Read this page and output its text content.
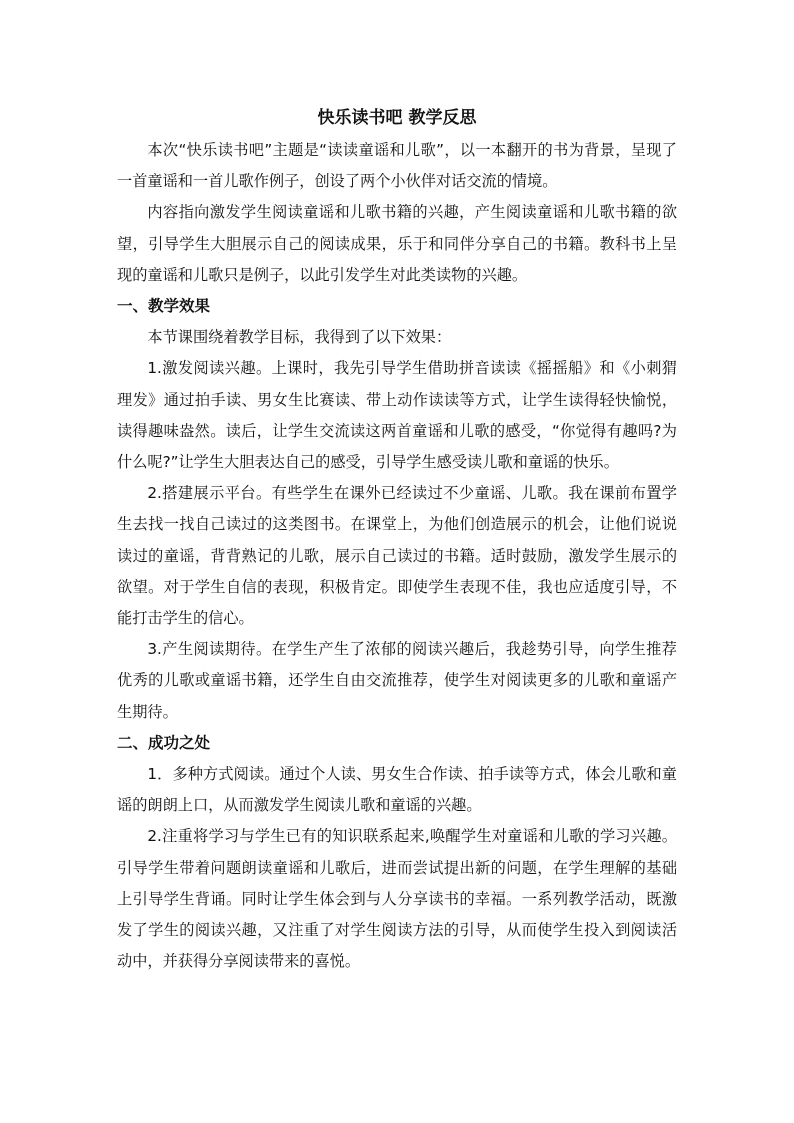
快乐读书吧 教学反思

本次“快乐读书吧”主题是“读读童谣和儿歌”，以一本翻开的书为背景，呈现了一首童谣和一首儿歌作例子，创设了两个小伙伴对话交流的情境。

内容指向激发学生阅读童谣和儿歌书籍的兴趣，产生阅读童谣和儿歌书籍的欲望，引导学生大胆展示自己的阅读成果，乐于和同伴分享自己的书籍。教科书上呈现的童谣和儿歌只是例子，以此引发学生对此类读物的兴趣。

一、教学效果

本节课围绕着教学目标，我得到了以下效果：

1.激发阅读兴趣。上课时，我先引导学生借助拼音读读《摇摇船》和《小刺猬理发》通过拍手读、男女生比赛读、带上动作读读等方式，让学生读得轻快愉悦，读得趣味盎然。读后，让学生交流读这两首童谣和儿歌的感受，“你觉得有趣吗?为什么呢?”让学生大胆表达自己的感受，引导学生感受读儿歌和童谣的快乐。

2.搭建展示平台。有些学生在课外已经读过不少童谣、儿歌。我在课前布置学生去找一找自己读过的这类图书。在课堂上，为他们创造展示的机会，让他们说说读过的童谣，背背熟记的儿歌，展示自己读过的书籍。适时鼓励，激发学生展示的欲望。对于学生自信的表现，积极肯定。即使学生表现不佳，我也应适度引导，不能打击学生的信心。

3.产生阅读期待。在学生产生了浓郁的阅读兴趣后，我趁势引导，向学生推荐优秀的儿歌或童谣书籍，还学生自由交流推荐，使学生对阅读更多的儿歌和童谣产生期待。

二、成功之处

1．多种方式阅读。通过个人读、男女生合作读、拍手读等方式，体会儿歌和童谣的朗朗上口，从而激发学生阅读儿歌和童谣的兴趣。

2.注重将学习与学生已有的知识联系起来,唤醒学生对童谣和儿歌的学习兴趣。引导学生带着问题朗读童谣和儿歌后，进而尝试提出新的问题，在学生理解的基础上引导学生背诵。同时让学生体会到与人分享读书的幸福。一系列教学活动，既激发了学生的阅读兴趣，又注重了对学生阅读方法的引导，从而使学生投入到阅读活动中，并获得分享阅读带来的喜悦。
